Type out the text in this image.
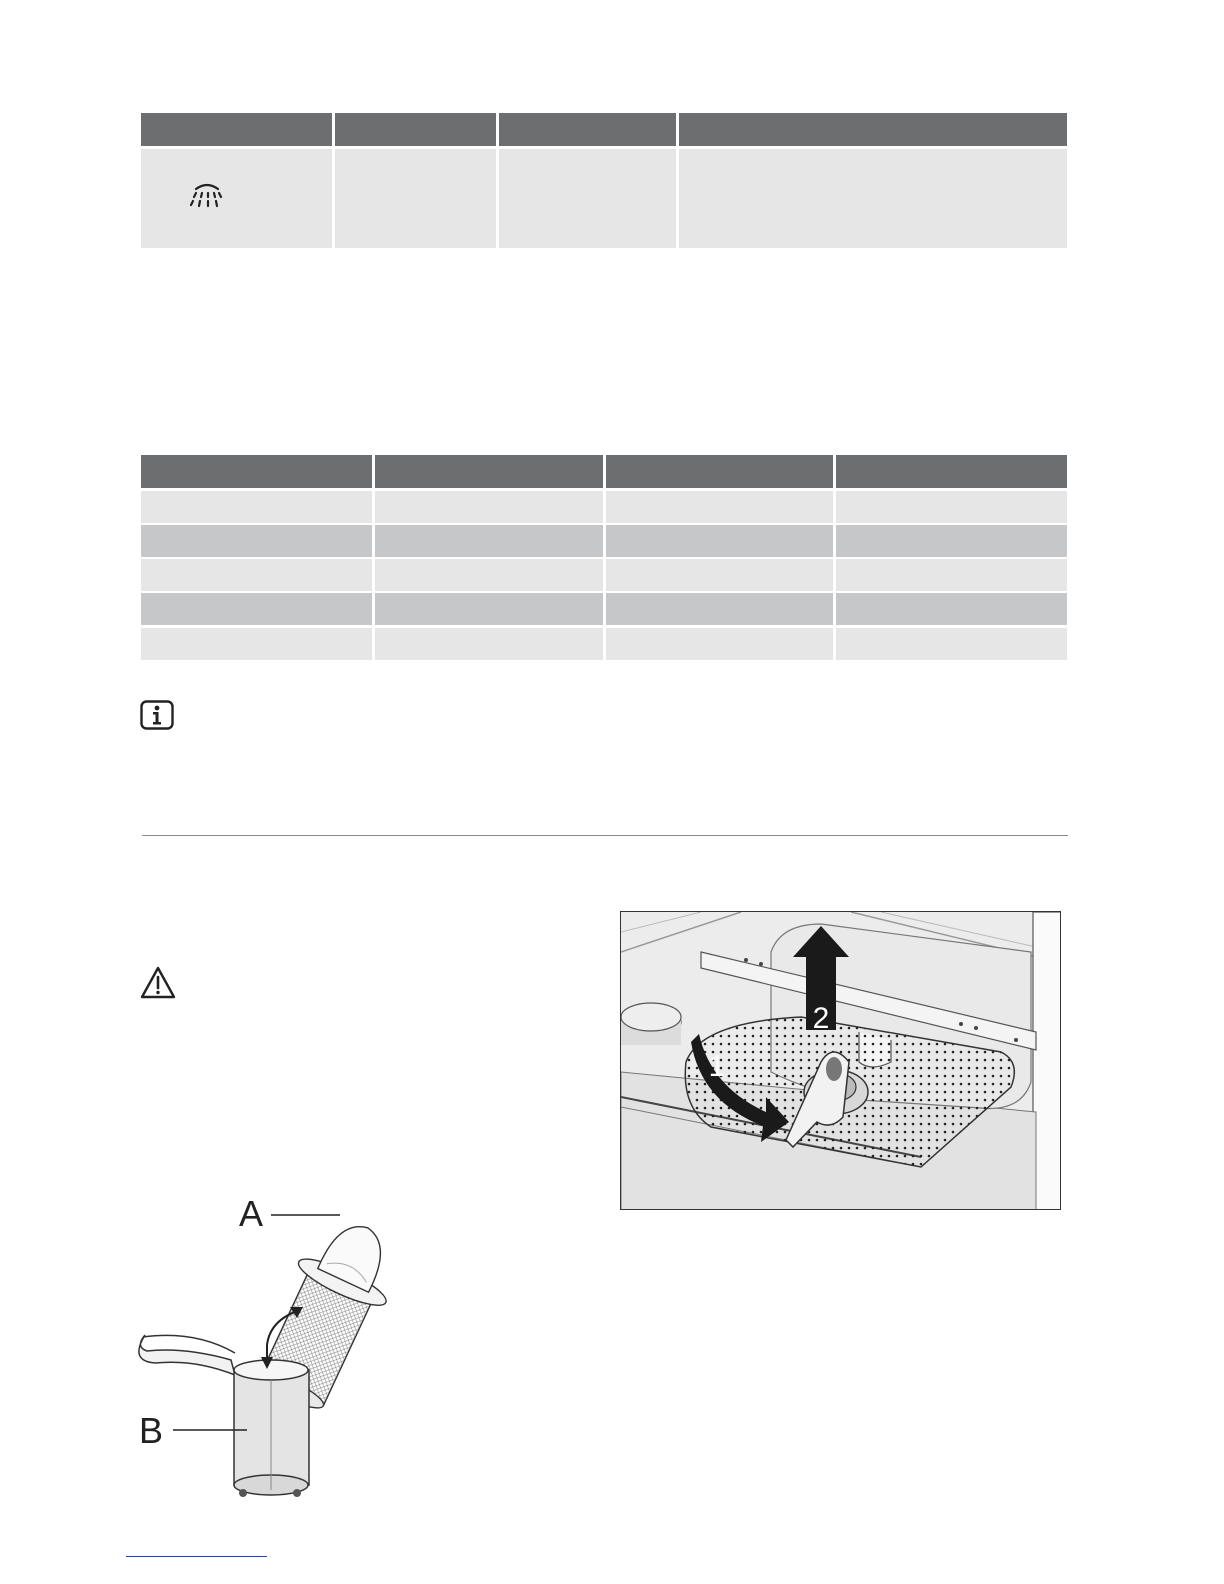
2
1
A
B
